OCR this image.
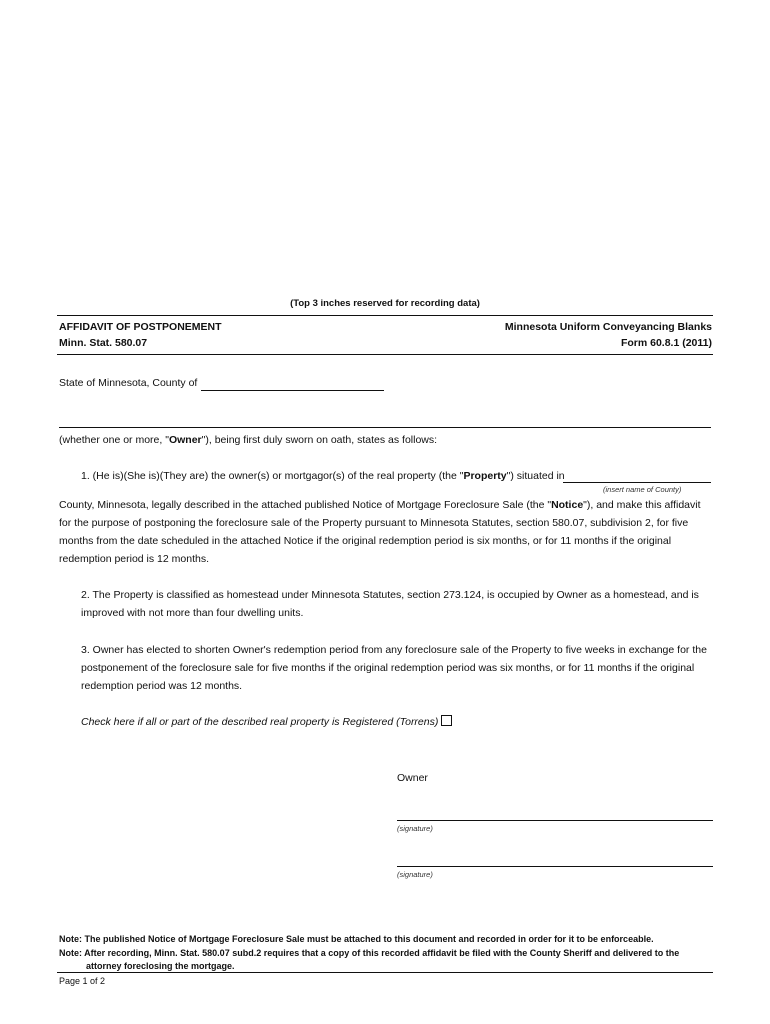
(Top 3 inches reserved for recording data)
AFFIDAVIT OF POSTPONEMENT
Minn. Stat. 580.07
Minnesota Uniform Conveyancing Blanks
Form 60.8.1 (2011)
State of Minnesota, County of
(whether one or more, "Owner"), being first duly sworn on oath, states as follows:
1. (He is)(She is)(They are) the owner(s) or mortgagor(s) of the real property (the "Property") situated in
(insert name of County)
County, Minnesota, legally described in the attached published Notice of Mortgage Foreclosure Sale (the "Notice"), and make this affidavit for the purpose of postponing the foreclosure sale of the Property pursuant to Minnesota Statutes, section 580.07, subdivision 2, for five months from the date scheduled in the attached Notice if the original redemption period is six months, or for 11 months if the original redemption period is 12 months.
2. The Property is classified as homestead under Minnesota Statutes, section 273.124, is occupied by Owner as a homestead, and is improved with not more than four dwelling units.
3. Owner has elected to shorten Owner's redemption period from any foreclosure sale of the Property to five weeks in exchange for the postponement of the foreclosure sale for five months if the original redemption period was six months, or for 11 months if the original redemption period was 12 months.
Check here if all or part of the described real property is Registered (Torrens)
Owner
(signature)
(signature)
Note: The published Notice of Mortgage Foreclosure Sale must be attached to this document and recorded in order for it to be enforceable.
Note: After recording, Minn. Stat. 580.07 subd.2 requires that a copy of this recorded affidavit be filed with the County Sheriff and delivered to the
attorney foreclosing the mortgage.
Page 1 of 2
